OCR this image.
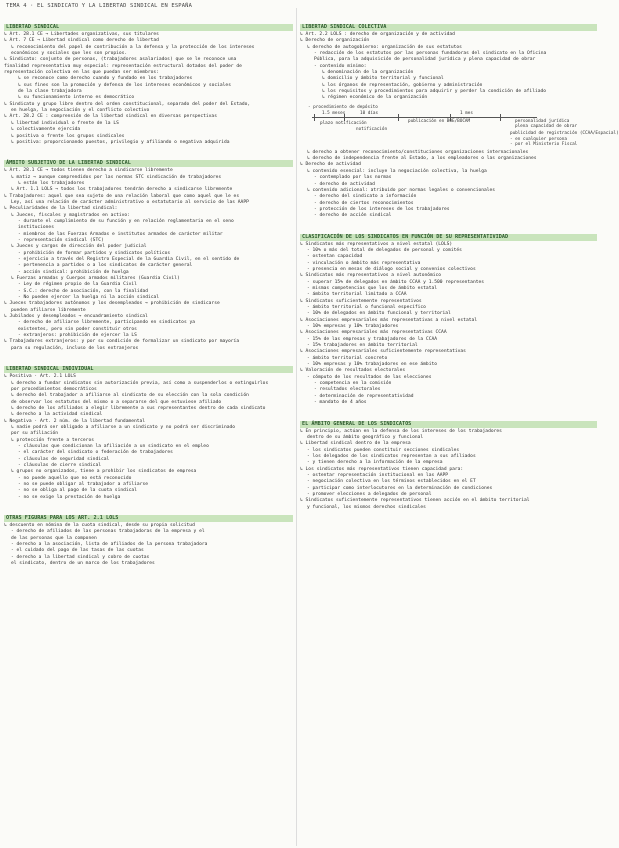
TEMA 4 · EL SINDICATO Y LA LIBERTAD SINDICAL EN ESPAÑA
LIBERTAD SINDICAL
↳ Art. 28.1 CE → Libertades organizativas, sus titulares
↳ Art. 7 CE → Libertad sindical como derecho de libertad
↳ reconocimiento del papel de contribución a la defensa y la protección de los intereses
económicos y sociales que les son propios.
↳ Sindicato: conjunto de personas, (trabajadores asalariados) que se le reconoce una
finalidad representativa muy especial: representación estructural dotados del poder de
representación colectiva en las que puedan ser miembros:
↳ se reconoce como derecho cuando y fundado en los trabajadores
↳ sus fines son la promoción y defensa de los intereses económicos y sociales
de la clase trabajadora
↳ su funcionamiento interno es democrático
↳ Sindicato y grupo libre dentro del orden constitucional, separado del poder del Estado,
en huelga, la negociación y el conflicto colectivo
↳ Art. 28.2 CE : comprensión de la libertad sindical en diversas perspectivas
↳ libertad individual o frente de la LS
↳ colectivamente ejercida
↳ positiva o frente los grupos sindicales
↳ positiva: proporcionando puestos, privilegio y afiliando o negativa adquirida
ÁMBITO SUBJETIVO DE LA LIBERTAD SINDICAL
↳ Art. 28.1 CE → todos tienen derecho a sindicarse libremente
↳ matiz → aunque comprendidos por las normas STC sindicación de trabajadores
↳ están los trabajadores
↳ Art. 1.1 LOLS → todos los trabajadores tendrán derecho a sindicarse libremente
↳ Trabajadores: aquel que sea sujeto de una relación laboral que como aquel que le es
Ley, así una relación de carácter administrativo o estatutario al servicio de las AAPP
↳ Peculiaridades de la libertad sindical:
↳ Jueces, fiscales y magistrados en activo:
- durante el cumplimiento de su función y en relación reglamentaria en el seno
instituciones
- miembros de las Fuerzas Armadas e institutos armados de carácter militar
- representación sindical (STC)
↳ Jueces y cargos de dirección del poder judicial
- prohibición de formar partidos y sindicatos políticos
- ejercicio a través del Registro Especial de la Guardia Civil, en el sentido de
- pertenencia a partidos o a los sindicatos de carácter general
- acción sindical: prohibición de huelga
↳ Fuerzas armadas y Cuerpos armados militares (Guardia Civil)
- Ley de régimen propio de la Guardia Civil
- S.C.: derecho de asociación, con la finalidad
- No pueden ejercer la huelga ni la acción sindical
↳ Jueces trabajadores autónomos y los desempleados → prohibición de sindicarse
pueden afiliarse libremente
↳ Jubilados y desempleados → encuadramiento sindical
- derecho de afiliarse libremente, participando en sindicatos ya
existentes, pero sin poder constituir otros
- extranjeros: prohibición de ejercer la LS
↳ Trabajadores extranjeros: y por su condición de formalizar un sindicato por mayoría
para su regulación, incluso de los extranjeros
LIBERTAD SINDICAL INDIVIDUAL
↳ Positiva · Art. 2.1 LOLS
↳ derecho a fundar sindicatos sin autorización previa, así como a suspenderlos o extinguirlos
por procedimientos democráticos
↳ derecho del trabajador a afiliarse al sindicato de su elección con la sola condición
de observar los estatutos del mismo o a separarse del que estuviese afiliado
↳ derecho de los afiliados a elegir libremente a sus representantes dentro de cada sindicato
↳ derecho a la actividad sindical
↳ Negativa · Art. 2 núm. de la libertad fundamental
↳ nadie podrá ser obligado a afiliarse a un sindicato y no podrá ser discriminado
por su afiliación
↳ protección frente a terceros
- cláusulas que condicionan la afiliación a un sindicato en el empleo
- el carácter del sindicato o federación de trabajadores
- cláusulas de seguridad sindical
- cláusulas de cierre sindical
↳ grupos no organizados, tiene a prohibir los sindicatos de empresa
- no puede aquello que no está reconocido
- no se puede obligar al trabajador a afiliarse
- no se obliga al pago de la cuota sindical
- no se exige la prestación de huelga
OTRAS FIGURAS PARA LOS ART. 2.1 LOLS
↳ descuento en nómina de la cuota sindical, desde su propia solicitud
- derecho de afiliados de las personas trabajadoras de la empresa y el
de las personas que la componen
- derecho a la asociación, lista de afiliados de la persona trabajadora
- el cuidado del pago de las tasas de las cuotas
- derecho a la libertad sindical y cobro de cuotas
el sindicato, dentro de un marco de los trabajadores
LIBERTAD SINDICAL COLECTIVA
↳ Art. 2.2 LOLS : derecho de organización y de actividad
↳ Derecho de organización
↳ derecho de autogobierno: organización de sus estatutos
- redacción de los estatutos por las personas fundadoras del sindicato en la Oficina
Pública, para la adquisición de personalidad jurídica y plena capacidad de obrar
- contenido mínimo:
↳ denominación de la organización
↳ domicilio y ámbito territorial y funcional
↳ los órganos de representación, gobierno y administración
↳ los requisitos y procedimientos para adquirir y perder la condición de afiliado
↳ régimen económico de la organización
- procedimiento de depósito
1.5 meses	10 días
publicación en BOE/BOCAM
1 mes
plazo notificación
notificación
personalidad jurídica
plena capacidad de obrar
publicidad de registración (CCAA/Espacial)
- en cualquier persona
- por el Ministerio Fiscal
↳ derecho a obtener reconocimiento/constituciones organizaciones internacionales
↳ derecho de independencia frente al Estado, a los empleadores o las organizaciones
↳ Derecho de actividad
↳ contenido esencial: incluye la negociación colectiva, la huelga
- contemplado por las normas
- derecho de actividad
↳ contenido adicional: atribuido por normas legales o convencionales
- derecho del sindicato a información
- derecho de ciertos reconocimientos
- protección de los intereses de los trabajadores
- derecho de acción sindical
CLASIFICACIÓN DE LOS SINDICATOS EN FUNCIÓN DE SU REPRESENTATIVIDAD
↳ Sindicatos más representativos a nivel estatal (LOLS)
- 10% o más del total de delegados de personal y comités
- ostentan capacidad
- vinculación o ámbito más representativa
- presencia en mesas de diálogo social y convenios colectivos
↳ Sindicatos más representativos a nivel autonómico
- superar 15% de delegados en ámbito CCAA y 1.500 representantes
- mismas competencias que los de ámbito estatal
- ámbito territorial limitado a CCAA
↳ Sindicatos suficientemente representativos
- ámbito territorial o funcional específico
- 10% de delegados en ámbito funcional y territorial
↳ Asociaciones empresariales más representativas a nivel estatal
- 10% empresas y 10% trabajadores
↳ Asociaciones empresariales más representativas CCAA
- 15% de las empresas y trabajadores de la CCAA
- 15% trabajadores en ámbito territorial
↳ Asociaciones empresariales suficientemente representativas
- ámbito territorial concreto
- 10% empresas y 10% trabajadores en ese ámbito
↳ Valoración de resultados electorales
- cómputo de los resultados de las elecciones
- competencia en la comisión
- resultados electorales
- determinación de representatividad
- mandato de 4 años
EL ÁMBITO GENERAL DE LOS SINDICATOS
↳ En principio, actúan en la defensa de los intereses de los trabajadores
dentro de su ámbito geográfico y funcional
↳ Libertad sindical dentro de la empresa
- los sindicatos pueden constituir secciones sindicales
- los delegados de los sindicatos representan a sus afiliados
- y tienen derecho a la información de la empresa
↳ Los sindicatos más representativos tienen capacidad para:
- ostentar representación institucional en las AAPP
- negociación colectiva en los términos establecidos en el ET
- participar como interlocutores en la determinación de condiciones
- promover elecciones a delegados de personal
↳ Sindicatos suficientemente representativos tienen acción en el ámbito territorial
y funcional, los mismos derechos sindicales
